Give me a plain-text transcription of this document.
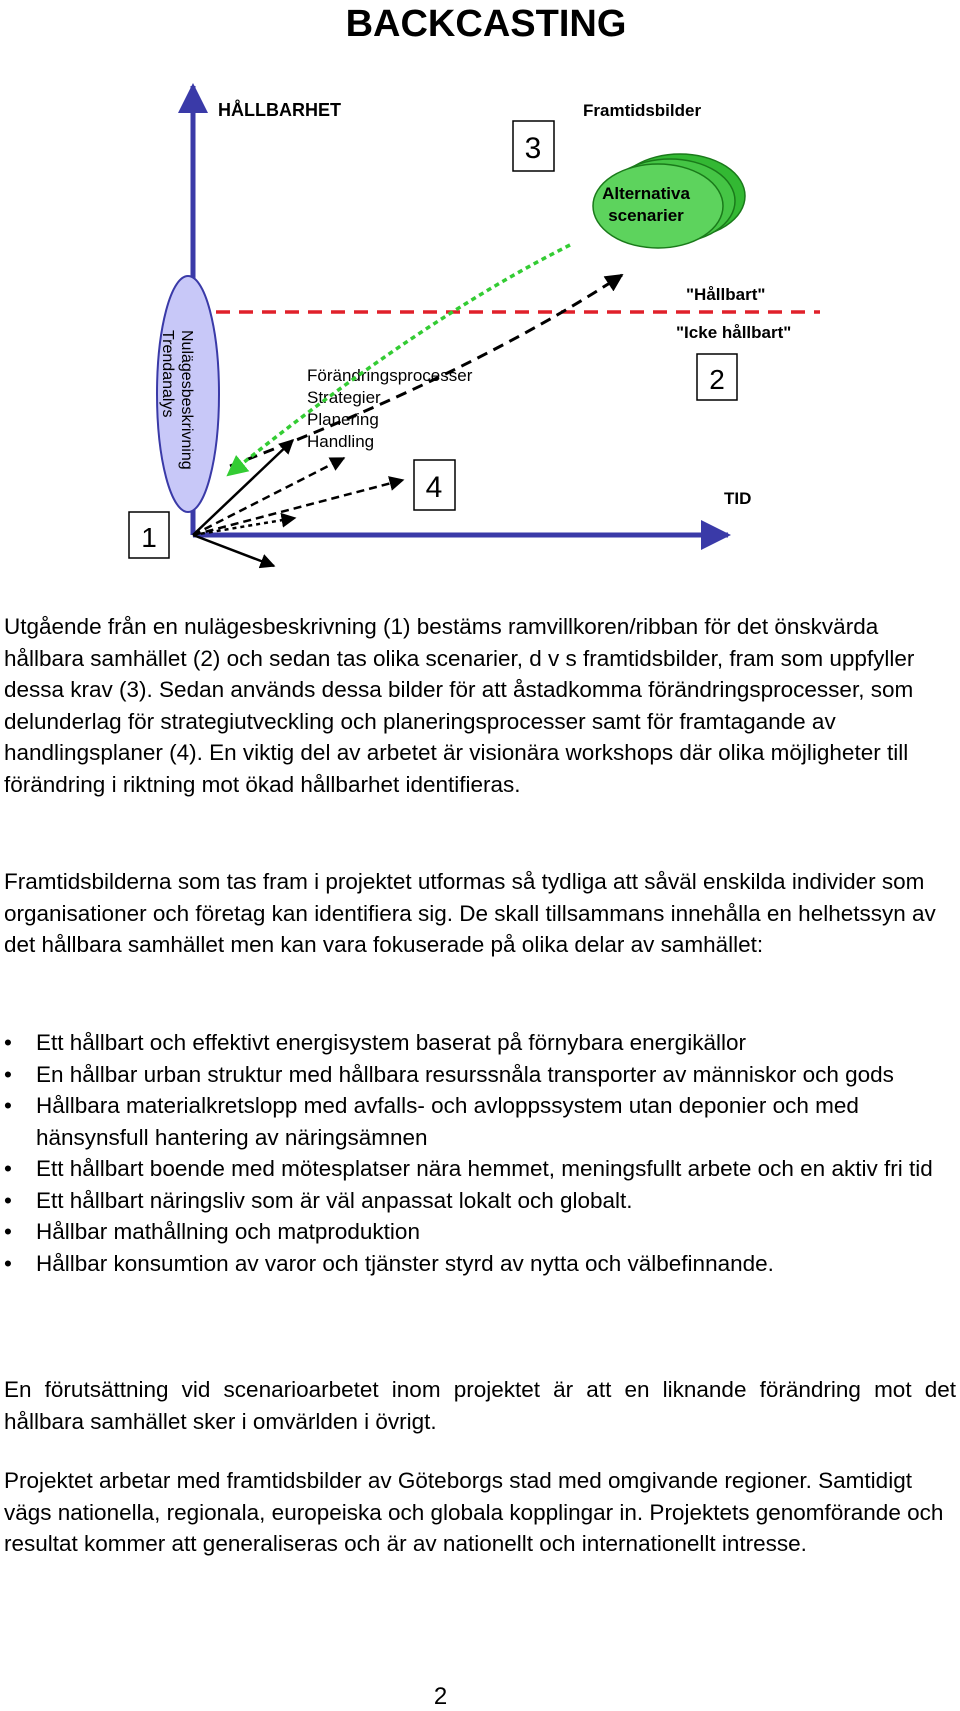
BACKCASTING
HÅLLBARHET
TID
"Hållbart"
"Icke hållbart"
Framtidsbilder
Alternativa
scenarier
Nulägesbeskrivning
Trendanalys
1
2
3
4
Förändringsprocesser
Strategier
Planering
Handling

Utgående från en nulägesbeskrivning (1) bestäms ramvillkoren/ribban för det önskvärda hållbara samhället (2) och sedan tas olika scenarier, d v s framtidsbilder, fram som uppfyller dessa krav (3). Sedan används dessa bilder för att åstadkomma förändringsprocesser, som delunderlag för strategiutveckling och planeringsprocesser samt för framtagande av handlingsplaner (4). En viktig del av arbetet är visionära workshops där olika möjligheter till förändring i riktning mot ökad hållbarhet identifieras.

Framtidsbilderna som tas fram i projektet utformas så tydliga att såväl enskilda individer som organisationer och företag kan identifiera sig. De skall tillsammans innehålla en helhetssyn av det hållbara samhället men kan vara fokuserade på olika delar av samhället:

• Ett hållbart och effektivt energisystem baserat på förnybara energikällor
• En hållbar urban struktur med hållbara resurssnåla transporter av människor och gods
• Hållbara materialkretslopp med avfalls- och avloppssystem utan deponier och med hänsynsfull hantering av näringsämnen
• Ett hållbart boende med mötesplatser nära hemmet, meningsfullt arbete och en aktiv fri tid
• Ett hållbart näringsliv som är väl anpassat lokalt och globalt.
• Hållbar mathållning och matproduktion
• Hållbar konsumtion av varor och tjänster styrd av nytta och välbefinnande.

En förutsättning vid scenarioarbetet inom projektet är att en liknande förändring mot det hållbara samhället sker i omvärlden i övrigt.

Projektet arbetar med framtidsbilder av Göteborgs stad med omgivande regioner. Samtidigt vägs nationella, regionala, europeiska och globala kopplingar in. Projektets genomförande och resultat kommer att generaliseras och är av nationellt och internationellt intresse.

2
